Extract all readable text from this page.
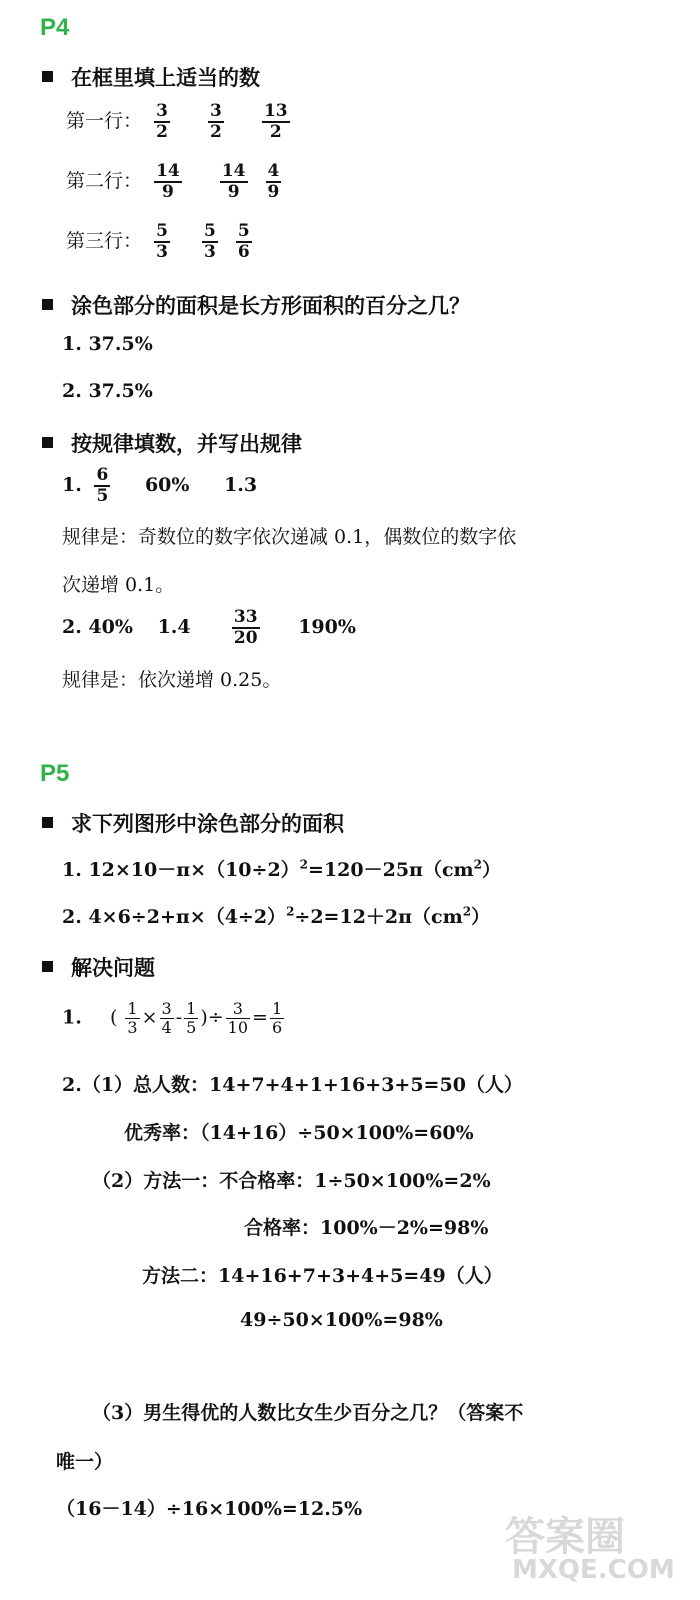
P4
在框里填上适当的数
第一行： $\frac{3}{2}$
$\frac{3}{2}$
$\frac{13}{2}$
第二行： $\frac{14}{9}$
$\frac{14}{9}$
$\frac{4}{9}$
第三行： $\frac{5}{3}$
$\frac{5}{3}$
$\frac{5}{6}$
涂色部分的面积是长方形面积的百分之几？
1. 37.5%
2. 37.5%
按规律填数，并写出规律
1. $\frac{6}{5} 60\%$ 1.3
规律是：奇数位的数字依次递减 0.1，偶数位的数字依
次递增 0.1。
2. 40% $1.4 \frac{33}{20} 190\%$
规律是：依次递增 0.25。
P5
求下列图形中涂色部分的面积
1. $12\times 10-\pi\times(10\div 2)^2=120-25\pi(cm^2)$
2. $4\times 6\div 2+\pi\times(4\div 2)^2\div 2=12+2\pi(cm^2)$
解决问题
1. ( $\frac{1}{3} \times \frac{3}{4} - \frac{1}{5}$ )÷ $\frac{3}{10} = \frac{1}{6}$
2.（1）总人数：14+7+4+1+16+3+5=50（人）
优秀率：（14+16）÷50×100%=60%
（2）方法一：不合格率：1÷50×100%=2%
合格率：100%－2%=98%
方法二：14+16+7+3+4+5=49（人）
49÷50×100%=98%
（3）男生得优的人数比女生少百分之几？（答案不
唯一）
（16－14）÷16×100%=12.5%
答案圈
MXQE.COM
